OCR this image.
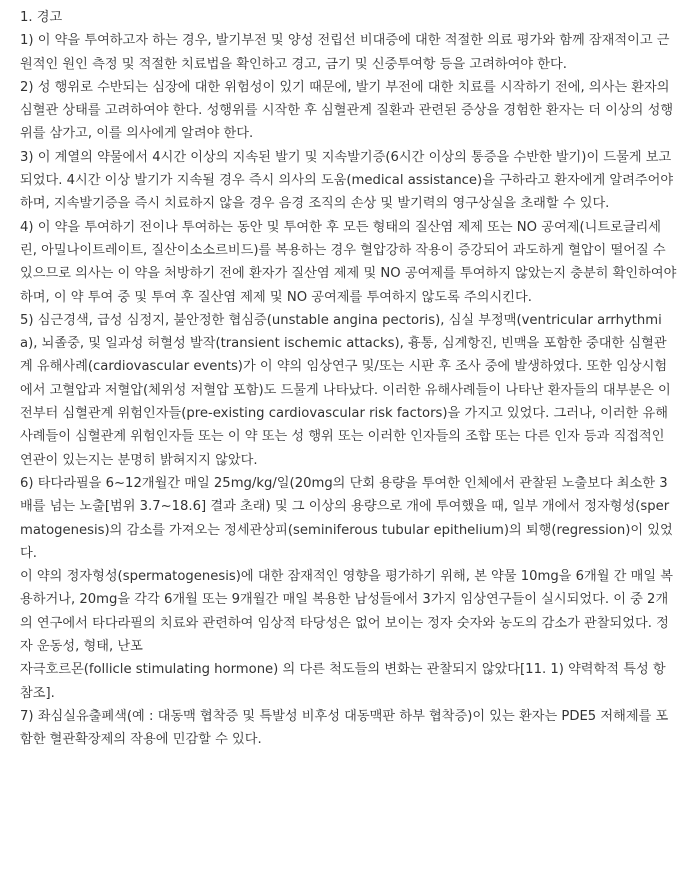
1. 경고

1) 이 약을 투여하고자 하는 경우, 발기부전 및 양성 전립선 비대증에 대한 적절한 의료 평가와 함께 잠재적이고 근원적인 원인 측정 및 적절한 치료법을 확인하고 경고, 금기 및 신중투여항 등을 고려하여야 한다.

2) 성 행위로 수반되는 심장에 대한 위험성이 있기 때문에, 발기 부전에 대한 치료를 시작하기 전에, 의사는 환자의 심혈관 상태를 고려하여야 한다. 성행위를 시작한 후 심혈관계 질환과 관련된 증상을 경험한 환자는 더 이상의 성행위를 삼가고, 이를 의사에게 알려야 한다.

3) 이 계열의 약물에서 4시간 이상의 지속된 발기 및 지속발기증(6시간 이상의 통증을 수반한 발기)이 드물게 보고되었다. 4시간 이상 발기가 지속될 경우 즉시 의사의 도움(medical assistance)을 구하라고 환자에게 알려주어야 하며, 지속발기증을 즉시 치료하지 않을 경우 음경 조직의 손상 및 발기력의 영구상실을 초래할 수 있다.

4) 이 약을 투여하기 전이나 투여하는 동안 및 투여한 후 모든 형태의 질산염 제제 또는 NO 공여제(니트로글리세린, 아밀나이트레이트, 질산이소소르비드)를 복용하는 경우 혈압강하 작용이 증강되어 과도하게 혈압이 떨어질 수 있으므로 의사는 이 약을 처방하기 전에 환자가 질산염 제제 및 NO 공여제를 투여하지 않았는지 충분히 확인하여야 하며, 이 약 투여 중 및 투여 후 질산염 제제 및 NO 공여제를 투여하지 않도록 주의시킨다.

5) 심근경색, 급성 심정지, 불안정한 협심증(unstable angina pectoris), 심실 부정맥(ventricular arrhythmia), 뇌졸중, 및 일과성 허혈성 발작(transient ischemic attacks), 흉통, 심계항진, 빈맥을 포함한 중대한 심혈관계 유해사례(cardiovascular events)가 이 약의 임상연구 및/또는 시판 후 조사 중에 발생하였다. 또한 임상시험에서 고혈압과 저혈압(체위성 저혈압 포함)도 드물게 나타났다. 이러한 유해사례들이 나타난 환자들의 대부분은 이전부터 심혈관계 위험인자들(pre-existing cardiovascular risk factors)을 가지고 있었다. 그러나, 이러한 유해사례들이 심혈관계 위험인자들 또는 이 약 또는 성 행위 또는 이러한 인자들의 조합 또는 다른 인자 등과 직접적인 연관이 있는지는 분명히 밝혀지지 않았다.

6) 타다라필을 6~12개월간 매일 25mg/kg/일(20mg의 단회 용량을 투여한 인체에서 관찰된 노출보다 최소한 3배를 넘는 노출[범위 3.7~18.6] 결과 초래) 및 그 이상의 용량으로 개에 투여했을 때, 일부 개에서 정자형성(spermatogenesis)의 감소를 가져오는 정세관상피(seminiferous tubular epithelium)의 퇴행(regression)이 있었다.

이 약의 정자형성(spermatogenesis)에 대한 잠재적인 영향을 평가하기 위해, 본 약물 10mg을 6개월 간 매일 복용하거나, 20mg을 각각 6개월 또는 9개월간 매일 복용한 남성들에서 3가지 임상연구들이 실시되었다. 이 중 2개의 연구에서 타다라필의 치료와 관련하여 임상적 타당성은 없어 보이는 정자 숫자와 농도의 감소가 관찰되었다. 정자 운동성, 형태, 난포

자극호르몬(follicle stimulating hormone) 의 다른 척도들의 변화는 관찰되지 않았다[11. 1) 약력학적 특성 항 참조].

7) 좌심실유출폐색(예 : 대동맥 협착증 및 특발성 비후성 대동맥판 하부 협착증)이 있는 환자는 PDE5 저해제를 포함한 혈관확장제의 작용에 민감할 수 있다.
